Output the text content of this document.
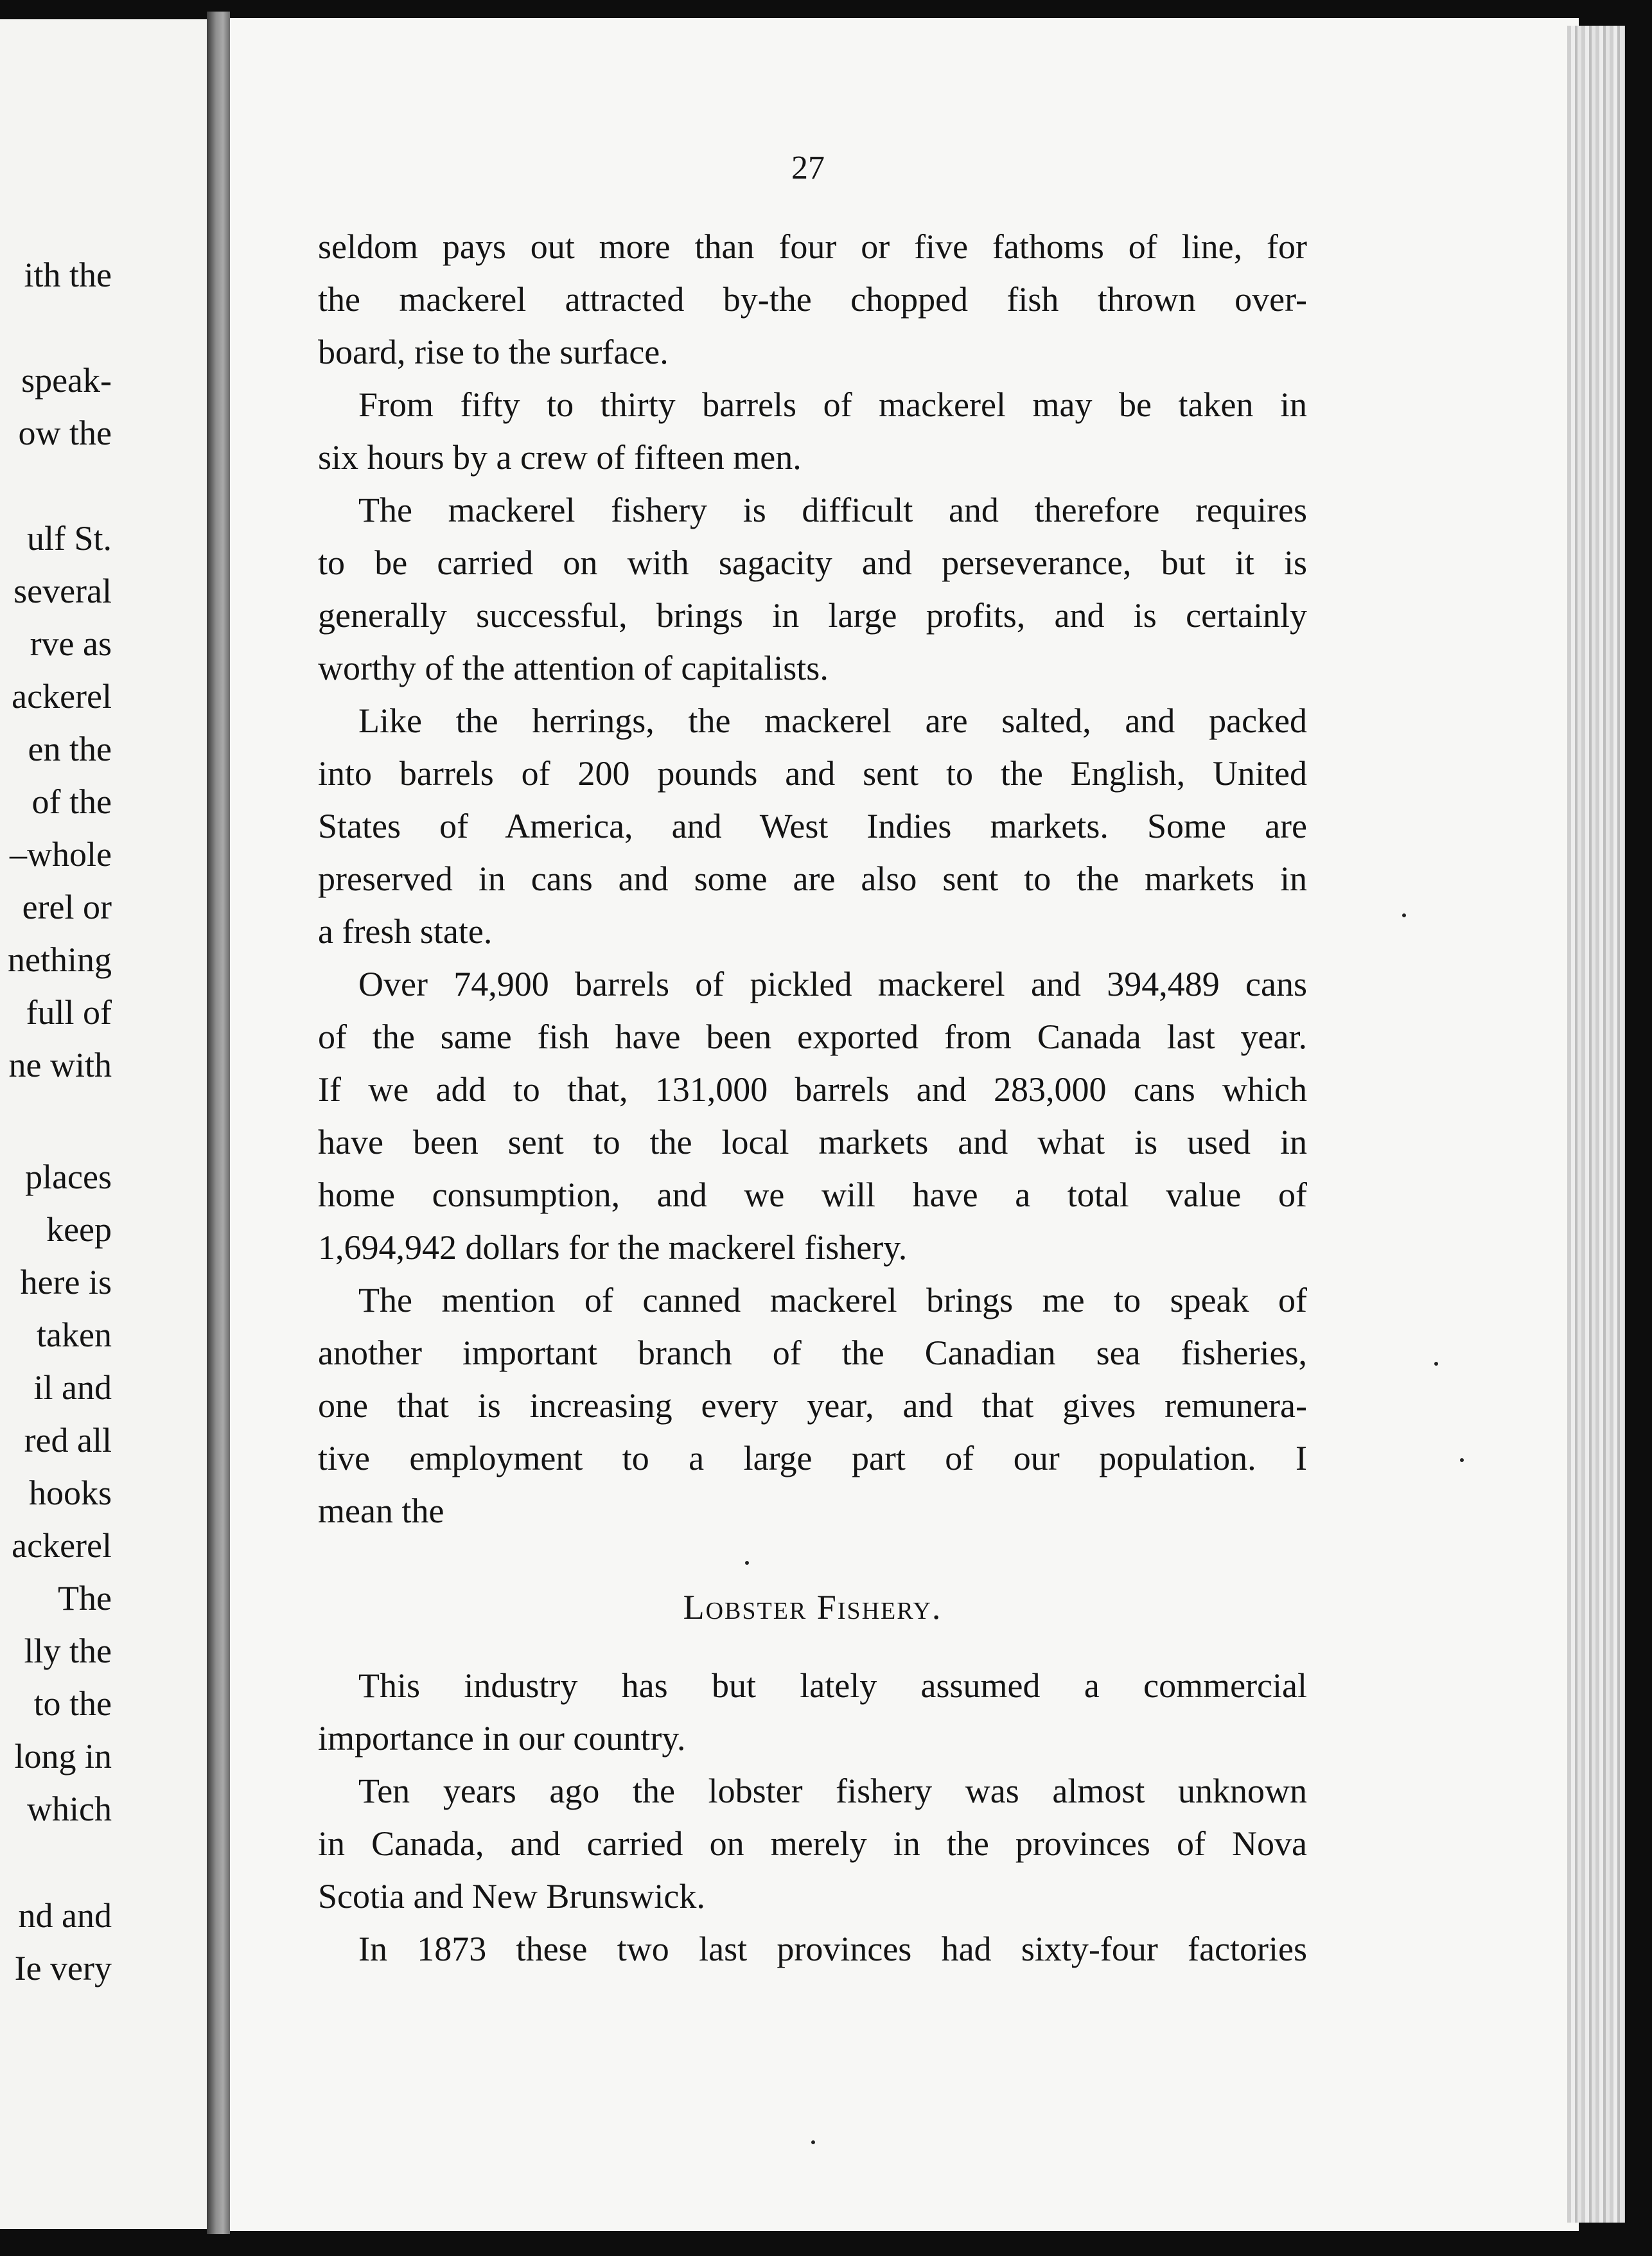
ith the
speak-
ow the
ulf St.
several
rve as
ackerel
en the
of the
–whole
erel or
nething
full of
ne with
places
keep
here is
taken
il and
red all
hooks
ackerel
The
lly the
to the
long in
which
nd and
Ie very
27
seldom pays out more than four or five fathoms of line, for
the mackerel attracted by-the chopped fish thrown over-
board, rise to the surface.
From fifty to thirty barrels of mackerel may be taken in
six hours by a crew of fifteen men.
The mackerel fishery is difficult and therefore requires
to be carried on with sagacity and perseverance, but it is
generally successful, brings in large profits, and is certainly
worthy of the attention of capitalists.
Like the herrings, the mackerel are salted, and packed
into barrels of 200 pounds and sent to the English, United
States of America, and West Indies markets. Some are
preserved in cans and some are also sent to the markets in
a fresh state.
Over 74,900 barrels of pickled mackerel and 394,489 cans
of the same fish have been exported from Canada last year.
If we add to that, 131,000 barrels and 283,000 cans which
have been sent to the local markets and what is used in
home consumption, and we will have a total value of
1,694,942 dollars for the mackerel fishery.
The mention of canned mackerel brings me to speak of
another important branch of the Canadian sea fisheries,
one that is increasing every year, and that gives remunera-
tive employment to a large part of our population. I
mean the
Lobster Fishery.
This industry has but lately assumed a commercial
importance in our country.
Ten years ago the lobster fishery was almost unknown
in Canada, and carried on merely in the provinces of Nova
Scotia and New Brunswick.
In 1873 these two last provinces had sixty-four factories
